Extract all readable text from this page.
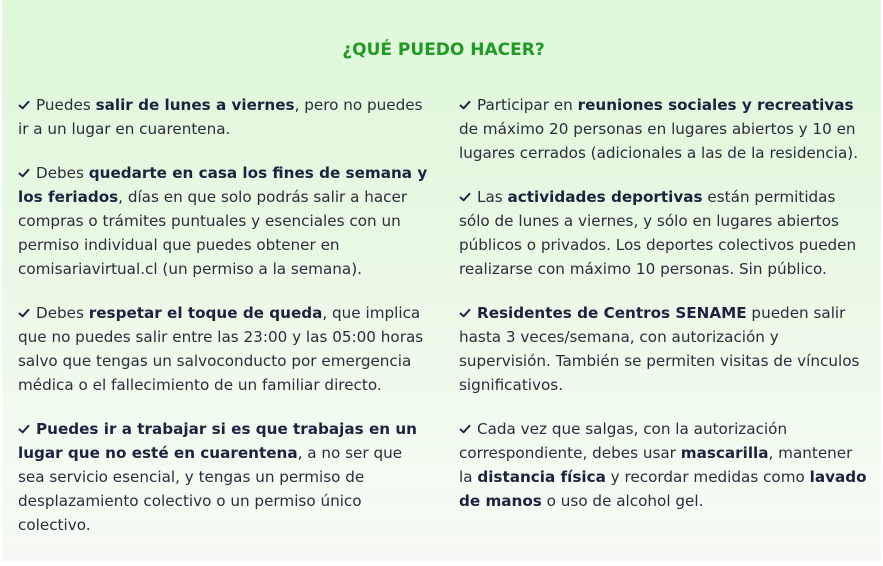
¿QUÉ PUEDO HACER?
Puedes salir de lunes a viernes, pero no puedes ir a un lugar en cuarentena.
Debes quedarte en casa los fines de semana y los feriados, días en que solo podrás salir a hacer compras o trámites puntuales y esenciales con un permiso individual que puedes obtener en comisariavirtual.cl (un permiso a la semana).
Debes respetar el toque de queda, que implica que no puedes salir entre las 23:00 y las 05:00 horas salvo que tengas un salvoconducto por emergencia médica o el fallecimiento de un familiar directo.
Puedes ir a trabajar si es que trabajas en un lugar que no esté en cuarentena, a no ser que sea servicio esencial, y tengas un permiso de desplazamiento colectivo o un permiso único colectivo.
Participar en reuniones sociales y recreativas de máximo 20 personas en lugares abiertos y 10 en lugares cerrados (adicionales a las de la residencia).
Las actividades deportivas están permitidas sólo de lunes a viernes, y sólo en lugares abiertos públicos o privados. Los deportes colectivos pueden realizarse con máximo 10 personas. Sin público.
Residentes de Centros SENAME pueden salir hasta 3 veces/semana, con autorización y supervisión. También se permiten visitas de vínculos significativos.
Cada vez que salgas, con la autorización correspondiente, debes usar mascarilla, mantener la distancia física y recordar medidas como lavado de manos o uso de alcohol gel.
